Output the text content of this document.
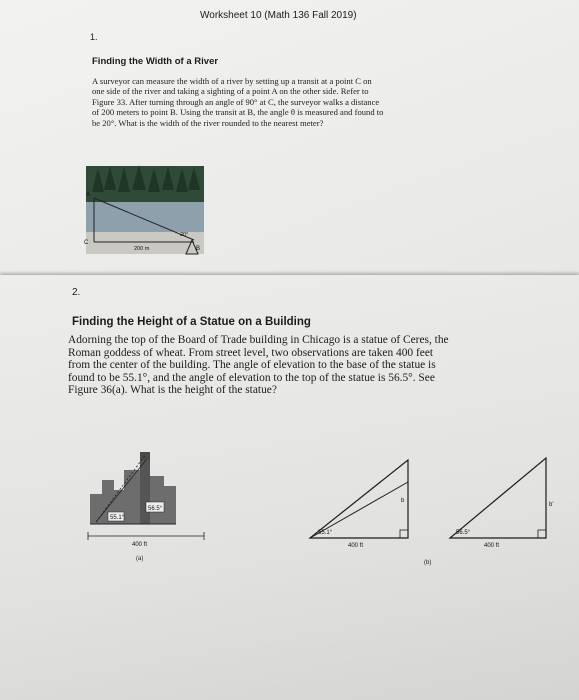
Worksheet 10 (Math 136 Fall 2019)
1.
Finding the Width of a River
A surveyor can measure the width of a river by setting up a transit at a point C on
one side of the river and taking a sighting of a point A on the other side. Refer to
Figure 33. After turning through an angle of 90° at C, the surveyor walks a distance
of 200 meters to point B. Using the transit at B, the angle θ is measured and found to
be 20°. What is the width of the river rounded to the nearest meter?
A
C
B
200 m
20°
2.
Finding the Height of a Statue on a Building
Adorning the top of the Board of Trade building in Chicago is a statue of Ceres, the
Roman goddess of wheat. From street level, two observations are taken 400 feet
from the center of the building. The angle of elevation to the base of the statue is
found to be 55.1°, and the angle of elevation to the top of the statue is 56.5°. See
Figure 36(a). What is the height of the statue?
56.5°
55.1°
400 ft
(a)
55.1°
b
400 ft
56.5°
b'
400 ft
(b)
